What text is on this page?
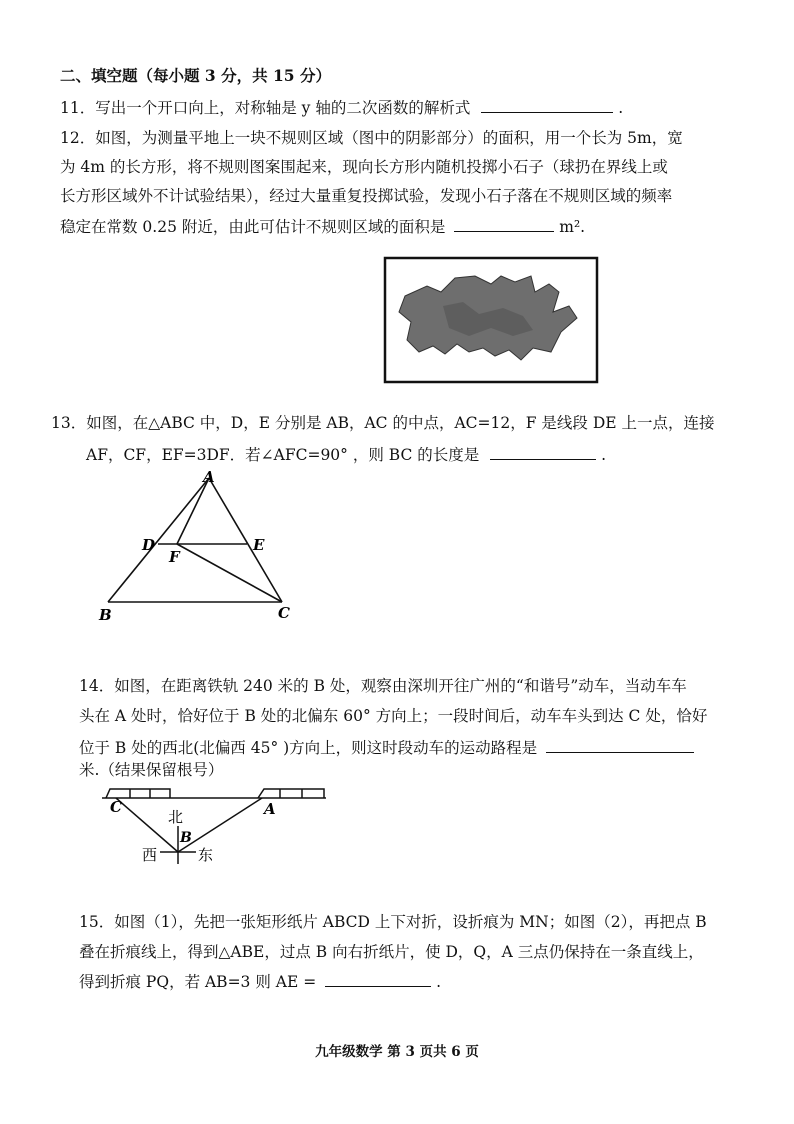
二、填空题（每小题 3 分，共 15 分）
11．写出一个开口向上，对称轴是 y 轴的二次函数的解析式	.
12．如图，为测量平地上一块不规则区域（图中的阴影部分）的面积，用一个长为 5m，宽
为 4m 的长方形，将不规则图案围起来，现向长方形内随机投掷小石子（球扔在界线上或
长方形区域外不计试验结果），经过大量重复投掷试验，发现小石子落在不规则区域的频率
稳定在常数 0.25 附近，由此可估计不规则区域的面积是	m².
13．如图，在△ABC 中，D，E 分别是 AB，AC 的中点，AC=12，F 是线段 DE 上一点，连接
AF，CF，EF=3DF．若∠AFC=90° ，则 BC 的长度是	.
A
D
F
E
B	C
14．如图，在距离铁轨 240 米的 B 处，观察由深圳开往广州的“和谐号”动车，当动车车
头在 A 处时，恰好位于 B 处的北偏东 60° 方向上；一段时间后，动车车头到达 C 处，恰好
位于 B 处的西北(北偏西 45° )方向上，则这时段动车的运动路程是
米.（结果保留根号）
C	A
北
B
西	东
15．如图（1），先把一张矩形纸片 ABCD 上下对折，设折痕为 MN；如图（2），再把点 B
叠在折痕线上，得到△ABE，过点 B 向右折纸片，使 D，Q，A 三点仍保持在一条直线上，
得到折痕 PQ，若 AB=3 则 AE =	.
九年级数学 第 3 页共 6 页
